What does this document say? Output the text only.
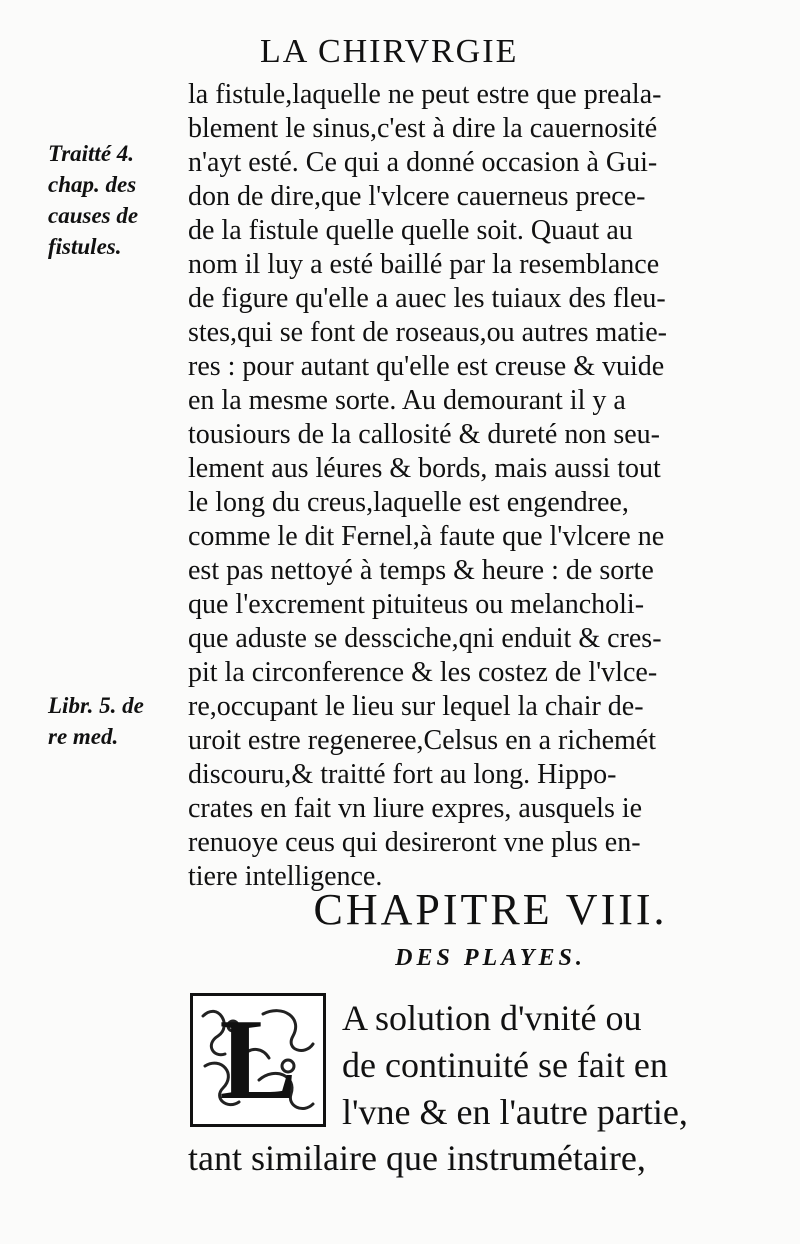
LA CHIRVRGIE
Traitté 4.
chap. des
causes de
fistules.
Libr. 5. de
re med.
la fistule,laquelle ne peut estre que preala-
blement le sinus,c'est à dire la cauernosité
n'ayt esté. Ce qui a donné occasion à Gui-
don de dire,que l'vlcere cauerneus prece-
de la fistule quelle quelle soit. Quaut au
nom il luy a esté baillé par la resemblance
de figure qu'elle a auec les tuiaux des fleu-
stes,qui se font de roseaus,ou autres matie-
res : pour autant qu'elle est creuse & vuide
en la mesme sorte. Au demourant il y a
tousiours de la callosité & dureté non seu-
lement aus léures & bords, mais aussi tout
le long du creus,laquelle est engendree,
comme le dit Fernel,à faute que l'vlcere ne
est pas nettoyé à temps & heure : de sorte
que l'excrement pituiteus ou melancholi-
que aduste se dessciche,qni enduit & cres-
pit la circonference & les costez de l'vlce-
re,occupant le lieu sur lequel la chair de-
uroit estre regeneree,Celsus en a richemét
discouru,& traitté fort au long. Hippo-
crates en fait vn liure expres, ausquels ie
renuoye ceus qui desireront vne plus en-
tiere intelligence.
CHAPITRE VIII.
DES PLAYES.
L	A solution d'vnité ou
de continuité se fait en
l'vne & en l'autre partie,
tant similaire que instrumétaire,
